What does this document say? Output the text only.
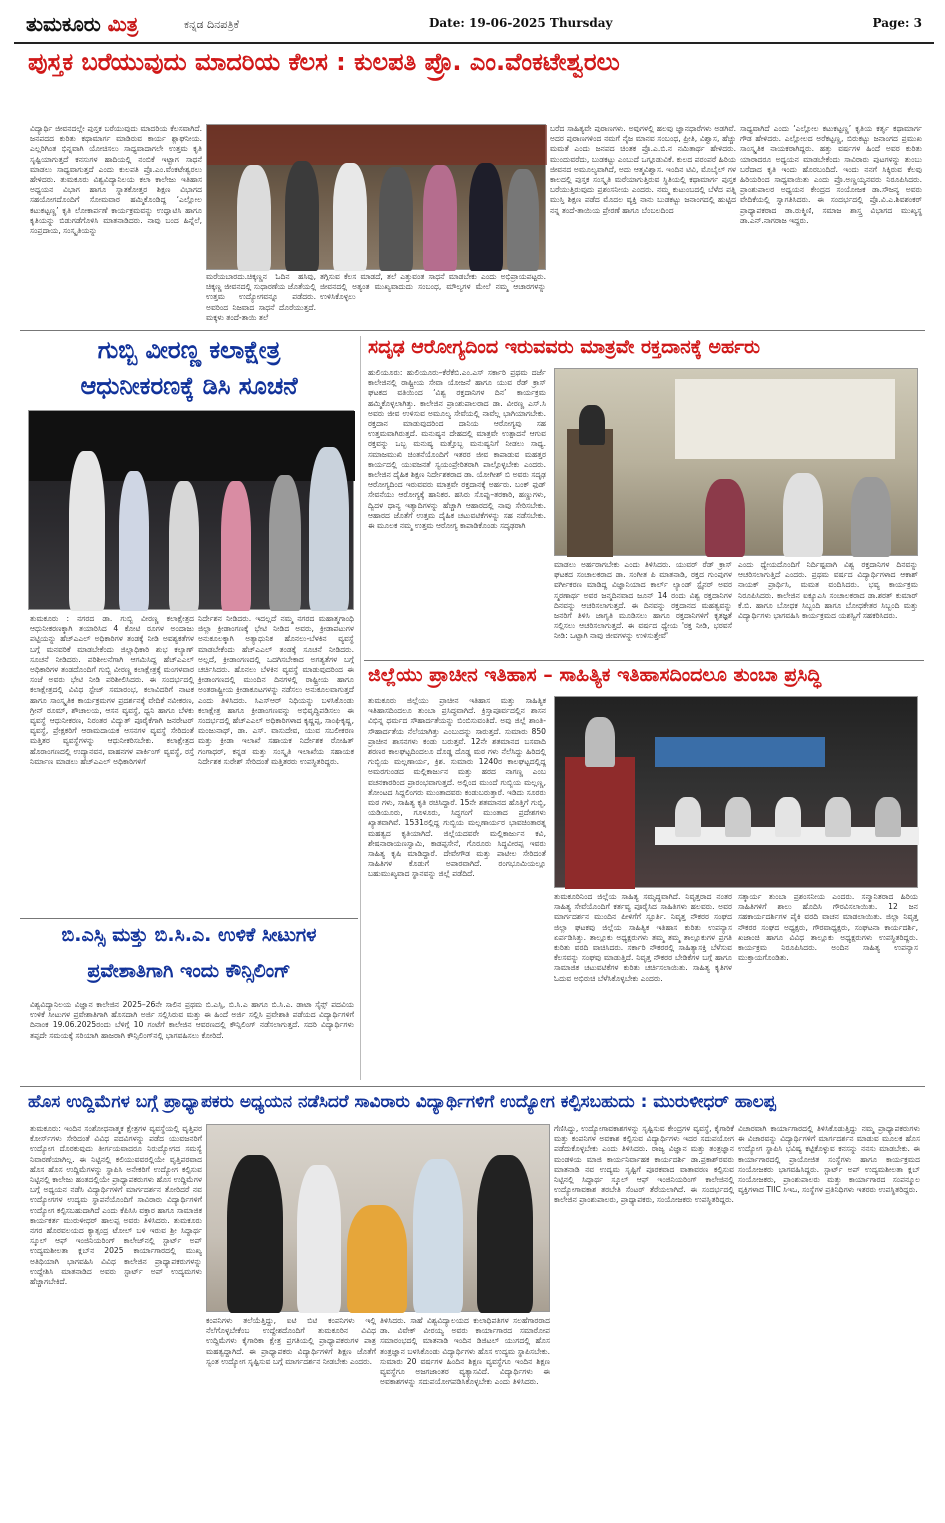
ತುಮಕೂರು ಮಿತ್ರ	ಕನ್ನಡ ದಿನಪತ್ರಿಕೆ	Date: 19-06-2025 Thursday	Page: 3
ಪುಸ್ತಕ ಬರೆಯುವುದು ಮಾದರಿಯ ಕೆಲಸ : ಕುಲಪತಿ ಪ್ರೊ. ಎಂ.ವೆಂಕಟೇಶ್ವರಲು
ವಿದ್ಯಾರ್ಥಿ ಜೀವನದಲ್ಲೇ ಪುಸ್ತಕ ಬರೆಯುವುದು ಮಾದರಿಯ ಕೆಲಸವಾಗಿದೆ. ಜನಪದದ ಕುರಿತು ಕಥಾಮಾರ್ಗ ಮಾಡಿರುವ ಕಾರ್ಯ ಶ್ಲಾಘನೀಯ. ಎಲ್ಲರಿಗಿಂತ ಭಿನ್ನವಾಗಿ ಯೋಚಿಸಲು ಸಾಧ್ಯವಾದಾಗಲೇ ಉತ್ತಮ ಕೃತಿ ಸೃಷ್ಟಿಯಾಗುತ್ತದೆ ಕನಸುಗಳ ಹಾದಿಯಲ್ಲಿ ನಂಬಿಕೆ ಇಟ್ಟಾಗ ಸಾಧನೆ ಮಾಡಲು ಸಾಧ್ಯವಾಗುತ್ತದೆ ಎಂದು ಕುಲಪತಿ ಪ್ರೊ.ಎಂ.ವೆಂಕಟೇಶ್ವರಲು ಹೇಳಿದರು. ತುಮಕೂರು ವಿಶ್ವವಿದ್ಯಾನಿಲಯ ಕಲಾ ಕಾಲೇಜು ಇತಿಹಾಸ ಅಧ್ಯಯನ ವಿಭಾಗ ಹಾಗೂ ಸ್ನಾತಕೋತ್ತರ ಶಿಕ್ಷಣ ವಿಭಾಗದ ಸಹಯೋಗದೊಂದಿಗೆ ಸೋಮವಾರ ಹಮ್ಮಿಕೊಂಡಿದ್ದ ‘ಎಲ್ಲೋಲ ಕಟುಕಟ್ಟಣ್ಣ’ ಕೃತಿ ಲೋಕಾರ್ಪಣೆ ಕಾರ್ಯಕ್ರಮವನ್ನು ಉದ್ಘಾಟಿಸಿ ಹಾಗೂ ಕೃತಿಯನ್ನು ಬಿಡುಗಡೆಗೊಳಿಸಿ ಮಾತನಾಡಿದರು. ನಾವು ಬಂದ ಹಿನ್ನೆಲೆ, ಸಂಪ್ರದಾಯ, ಸಂಸ್ಕೃತಿಯನ್ನು
ಮರೆಯಬಾರದು.ಚಿಕ್ಕಣ್ಣನ ಓದಿನ ಹಸಿವು, ಚಿಕ್ಕಣ್ಣ ಜೀವನದಲ್ಲಿ ಸುಧಾರಣೆಯ ಜೊತೆಯಲ್ಲಿ ಉತ್ತಮ ಉದ್ಯೋಗವನ್ನೂ ಪಡೆದರು. ಅವರಿಂದ ನಿಜವಾದ ಸಾಧನೆ ದೊರೆಯುತ್ತದೆ. ಮಕ್ಕಳು ತಂದೆ-ತಾಯಿ ತಲೆ
ತಗ್ಗಿಸುವ ಕೆಲಸ ಮಾಡದೆ, ತಲೆ ಎತ್ತುವಂತ ಸಾಧನೆ ಮಾಡಬೇಕು ಎಂದು ಅಭಿಪ್ರಾಯಪಟ್ಟರು. ಜೀವನದಲ್ಲಿ ಅತ್ಯಂತ ಮುಖ್ಯವಾದುದು ಸಂಬಂಧ, ಮೌಲ್ಯಗಳ ಮೇಲೆ ನಮ್ಮ ಆಚಾರಗಳನ್ನು ಉಳಿಸಿಕೊಳ್ಳಲು
ಬರೆದ ಸಾಹಿತ್ಯವೇ ಪುರಾಣಗಳು. ಅವುಗಳಲ್ಲಿ ಹಲವು ಜ್ಞಾನಧಾರೆಗಳು ಅಡಗಿವೆ. ಅದರ ಪುರಾಣಗಳಿಂದ ನಮಗೆ ನೈಜ ಮಾನವ ಸಂಬಂಧ, ಪ್ರೀತಿ, ವಿಶ್ವಾಸ, ಹೆಚ್ಚು ಮಮತೆ ಎಂದು ಜನಪದ ಚಿಂತಕ ಪ್ರೊ.ಎ.ಬಿ.ನ ನಮಿತಾರ್ಥ ಹೇಳಿದರು. ಮುಂದುವರೆದು, ಬುಡಕಟ್ಟು ಎಂಬುದೆ ಒಗ್ಗೂಡುವಿಕೆ. ಕುಲದ ಪರಂಪರೆ ಹಿರಿಯ ಜೀವನದ ಅಮೂಲ್ಯವಾಗಿದೆ, ಅದು ಆತ್ಮವಿಶ್ವಾಸ. ಇಂದಿನ ಟಿವಿ, ಮೊಬೈಲ್ ಗಳ ಕಾಲದಲ್ಲಿ ಪುಸ್ತಕ ಸಂಸ್ಕೃತಿ ಮರೆಯಾಗುತ್ತಿರುವ ಸ್ಥಿತಿಯಲ್ಲಿ ಕಥಾಮಾರ್ಗ ಪುಸ್ತಕ ಬರೆಯುತ್ತಿರುವುದು ಪ್ರಶಂಸನೀಯ ಎಂದರು. ನಮ್ಮ ಕುಟುಂಬದಲ್ಲಿ ಬೆಳೆದ ಪತ್ನಿ ಮುಸ್ತಿ ಶಿಕ್ಷಣ ಪಡೆದ ಮೊದಲ ವ್ಯಕ್ತಿ ನಾನು ಬುಡಕಟ್ಟು ಜನಾಂಗದಲ್ಲಿ ಹುಟ್ಟಿದ ನನ್ನ ತಂದೆ-ತಾಯಿಯ ಪ್ರೇರಣೆ ಹಾಗೂ ಬೆಂಬಲದಿಂದ
ಸಾಧ್ಯವಾಗಿದೆ ಎಂದು ‘ಎಲ್ಲೋಲ ಕಟುಕಟ್ಟಣ್ಣ’ ಕೃತಿಯ ಕರ್ತೃ ಕಥಾಮಾರ್ಗ ಗೌಡ ಹೇಳಿದರು. ಎಲ್ಲೋಲದ ಅರೆಕಟ್ಟಣ್ಣ, ಬಿರುಕಟ್ಟು ಜನಾಂಗದ ಪ್ರಮುಖ ಸಾಂಸ್ಕೃತಿಕ ನಾಯಕರಾಗಿದ್ದರು. ಹತ್ತು ವರ್ಷಗಳ ಹಿಂದೆ ಅವರ ಕುರಿತು ಯಾರಾದರೂ ಅಧ್ಯಯನ ಮಾಡಬೇಕೆಂದು ಸಾವಿರಾರು ಪುಟಗಳನ್ನು ತುಂಬು ಬರೆದಾದ ಕೃತಿ ಇಂದು ಹೊರಬಂದಿದೆ. ಇಂದು ನನಗೆ ಸಿಕ್ಕಿರುವ ಕೆಲವು ಹಿರಿಯರಿಂದ ಸಾಧ್ಯವಾಯಿತು ಎಂದು ಪ್ರೊ.ಅಣ್ಣಯ್ಯನವರು ನಿರೂಪಿಸಿದರು. ಪ್ರಾಂಶುಪಾಲರ ಅಧ್ಯಯನ ಕೇಂದ್ರದ ಸಂಯೋಜಕ ಡಾ.ಸೌಜನ್ಯ ಅವರು ವೇದಿಕೆಯಲ್ಲಿ ಸ್ವಾಗತಿಸಿದರು. ಈ ಸಂದರ್ಭದಲ್ಲಿ ಪ್ರೊ.ವಿ.ಎ.ಶಿವಶಂಕರ್ ಪ್ರಾಧ್ಯಾಪಕರಾದ ಡಾ.ರುಕ್ಮಿಣಿ, ಸಮಾಜ ಶಾಸ್ತ್ರ ವಿಭಾಗದ ಮುಖ್ಯಸ್ಥ ಡಾ.ಎನ್.ನಾಗರಾಜ ಇದ್ದರು.
ಗುಬ್ಬಿ ವೀರಣ್ಣ ಕಲಾಕ್ಷೇತ್ರ
ಆಧುನೀಕರಣಕ್ಕೆ ಡಿಸಿ ಸೂಚನೆ
ತುಮಕೂರು : ನಗರದ ಡಾ. ಗುಬ್ಬಿ ವೀರಣ್ಣ ಕಲಾಕ್ಷೇತ್ರದ ಆಧುನೀಕರಣಕ್ಕಾಗಿ ತಯಾರಿಸಿದ 4 ಕೋಟಿ ರೂಗಳ ಅಂದಾಜು ಪಟ್ಟಿಯನ್ನು ಹೆಚ್‌ಎಎಲ್ ಅಧಿಕಾರಿಗಳ ತಂಡಕ್ಕೆ ನೀಡಿ ಅವಶ್ಯಕತೆಗಳ ಬಗ್ಗೆ ಮನವರಿಕೆ ಮಾಡಬೇಕೆಂದು ಜಿಲ್ಲಾಧಿಕಾರಿ ಶುಭ ಕಲ್ಯಾಣ್ ಸೂಚನೆ ನೀಡಿದರು. ಪರಿಶೀಲನೆಗಾಗಿ ಆಗಮಿಸಿದ್ದ ಹೆಚ್‌ಎಎಲ್ ಅಧಿಕಾರಿಗಳ ತಂಡದೊಂದಿಗೆ ಗುಬ್ಬಿ ವೀರಣ್ಣ ಕಲಾಕ್ಷೇತ್ರಕ್ಕೆ ಮಂಗಳವಾರ ಸಂಜೆ ಅವರು ಭೇಟಿ ನೀಡಿ ಪರಿಶೀಲಿಸಿದರು. ಈ ಸಂದರ್ಭದಲ್ಲಿ ಕಲಾಕ್ಷೇತ್ರದಲ್ಲಿ ವಿವಿಧ ಸ್ಟೇಜ್ ಸಮಾರಂಭ, ಕಲಾವಿದರಿಗೆ ನಾಟಕ ಹಾಗೂ ಸಾಂಸ್ಕೃತಿಕ ಕಾರ್ಯಕ್ರಮಗಳ ಪ್ರದರ್ಶನಕ್ಕೆ ವೇದಿಕೆ ನವೀಕರಣ, ಗ್ರೀನ್ ರೂಮ್, ಶೌಚಾಲಯ, ಆಸನ ವ್ಯವಸ್ಥೆ, ಧ್ವನಿ ಹಾಗೂ ಬೆಳಕು ವ್ಯವಸ್ಥೆ ಆಧುನೀಕರಣ, ನಿರಂತರ ವಿದ್ಯುತ್ ಪೂರೈಕೆಗಾಗಿ ಜನರೇಟರ್ ವ್ಯವಸ್ಥೆ, ಪ್ರೇಕ್ಷಕರಿಗೆ ಆರಾಮದಾಯಕ ಆಸನಗಳ ವ್ಯವಸ್ಥೆ ಸೇರಿದಂತೆ ಮತ್ತಿತರ ವ್ಯವಸ್ಥೆಗಳನ್ನು ಆಧುನೀಕರಿಸಬೇಕು. ಕಲಾಕ್ಷೇತ್ರದ ಹೊರಾಂಗಣದಲ್ಲಿ ಉದ್ಯಾನವನ, ವಾಹನಗಳ ಪಾರ್ಕಿಂಗ್ ವ್ಯವಸ್ಥೆ, ರಸ್ತೆ ನಿರ್ಮಾಣ ಮಾಡಲು ಹೆಚ್‌ಎಎಲ್ ಅಧಿಕಾರಿಗಳಿಗೆ
ನಿರ್ದೇಶನ ನೀಡಿದರು. ಇದಲ್ಲದೆ ನಮ್ಮ ನಗರದ ಮಹಾತ್ಮಗಾಂಧಿ ಜಿಲ್ಲಾ ಕ್ರೀಡಾಂಗಣಕ್ಕೆ ಭೇಟಿ ನೀಡಿದ ಅವರು, ಕ್ರೀಡಾಪಟುಗಳ ಅನುಕೂಲಕ್ಕಾಗಿ ಅತ್ಯಾಧುನಿಕ ಹೊನಲು-ಬೆಳಕಿನ ವ್ಯವಸ್ಥೆ ಮಾಡಬೇಕೆಂದು ಹೆಚ್‌ಎಎಲ್ ತಂಡಕ್ಕೆ ಸೂಚನೆ ನೀಡಿದರು. ಅಲ್ಲದೆ, ಕ್ರೀಡಾಂಗಣದಲ್ಲಿ ಒದಗಿಸಬೇಕಾದ ಅಗತ್ಯತೆಗಳ ಬಗ್ಗೆ ಚರ್ಚಿಸಿದರು. ಹೊನಲು ಬೆಳಕಿನ ವ್ಯವಸ್ಥೆ ಮಾಡುವುದರಿಂದ ಈ ಕ್ರೀಡಾಂಗಣದಲ್ಲಿ ಮುಂದಿನ ದಿನಗಳಲ್ಲಿ ರಾಷ್ಟ್ರೀಯ ಹಾಗೂ ಅಂತರಾಷ್ಟ್ರೀಯ ಕ್ರೀಡಾಕೂಟಗಳನ್ನು ನಡೆಸಲು ಅನುಕೂಲವಾಗುತ್ತದೆ ಎಂದು ತಿಳಿಸಿದರು. ಸಿಎಸ್‌ಆರ್ ನಿಧಿಯನ್ನು ಬಳಸಿಕೊಂಡು ಕಲಾಕ್ಷೇತ್ರ ಹಾಗೂ ಕ್ರೀಡಾಂಗಣವನ್ನು ಅಭಿವೃದ್ಧಿಪಡಿಸಲು ಈ ಸಂದರ್ಭದಲ್ಲಿ ಹೆಚ್‌ಎಎಲ್ ಅಧಿಕಾರಿಗಳಾದ ಕೃಷ್ಣಪ್ಪ, ಸಾಂಘಿಕೃಷ್ಣ, ಮಂಜುನಾಥ್, ಡಾ. ಎಸ್. ವಾಸುದೇವ, ಯುವ ಸಬಲೀಕರಣ ಮತ್ತು ಕ್ರೀಡಾ ಇಲಾಖೆ ಸಹಾಯಕ ನಿರ್ದೇಶಕ ರೋಹಿತ್ ಗಂಗಾಧರ್, ಕನ್ನಡ ಮತ್ತು ಸಂಸ್ಕೃತಿ ಇಲಾಖೆಯ ಸಹಾಯಕ ನಿರ್ದೇಶಕ ಸುರೇಶ್ ಸೇರಿದಂತೆ ಮತ್ತಿತರರು ಉಪಸ್ಥಿತರಿದ್ದರು.
ಸದೃಢ ಆರೋಗ್ಯದಿಂದ ಇರುವವರು ಮಾತ್ರವೇ ರಕ್ತದಾನಕ್ಕೆ ಅರ್ಹರು
ಹುಲಿಯೂರು: ಹುಲಿಯೂರು–ಕೆರೆಕೆಬಿ.ಎಂ.ಎಸ್ ಸರ್ಕಾರಿ ಪ್ರಥಮ ದರ್ಜೆ ಕಾಲೇಜಿನಲ್ಲಿ ರಾಷ್ಟ್ರೀಯ ಸೇವಾ ಯೋಜನೆ ಹಾಗೂ ಯುವ ರೆಡ್ ಕ್ರಾಸ್ ಘಟಕದ ವತಿಯಿಂದ ‘ವಿಶ್ವ ರಕ್ತದಾನಿಗಳ ದಿನ’ ಕಾರ್ಯಕ್ರಮ ಹಮ್ಮಿಕೊಳ್ಳಲಾಗಿತ್ತು. ಕಾಲೇಜಿನ ಪ್ರಾಂಶುಪಾಲರಾದ ಡಾ. ವೀರಣ್ಣ ಎಸ್.ಸಿ ಅವರು ಜೀವ ಉಳಿಸುವ ಅಮೂಲ್ಯ ಸೇವೆಯಲ್ಲಿ ನಾವೆಲ್ಲ ಭಾಗಿಯಾಗಬೇಕು. ರಕ್ತದಾನ ಮಾಡುವುದರಿಂದ ದಾನಿಯ ಆರೋಗ್ಯವು ಸಹ ಉತ್ತಮವಾಗಿರುತ್ತದೆ. ಮನುಷ್ಯನ ದೇಹದಲ್ಲಿ ಮಾತ್ರವೇ ಉತ್ಪಾದನೆ ಆಗುವ ರಕ್ತವನ್ನು ಒಬ್ಬ ಮನುಷ್ಯ ಮತ್ತೊಬ್ಬ ಮನುಷ್ಯನಿಗೆ ನೀಡಲು ಸಾಧ್ಯ. ಸಮಾಜಮುಖಿ ಚಿಂತನೆಯೊಂದಿಗೆ ಇತರರ ಜೀವ ಕಾಪಾಡುವ ಮಹತ್ತರ ಕಾರ್ಯದಲ್ಲಿ ಯುವಜನತೆ ಸ್ವಯಂಪ್ರೇರಿತರಾಗಿ ಪಾಲ್ಗೊಳ್ಳಬೇಕು ಎಂದರು. ಕಾಲೇಜಿನ ದೈಹಿಕ ಶಿಕ್ಷಣ ನಿರ್ದೇಶಕರಾದ ಡಾ. ಯೋಗೀಶ್ ಬಿ ಅವರು ಸದೃಢ ಆರೋಗ್ಯದಿಂದ ಇರುವವರು ಮಾತ್ರವೇ ರಕ್ತದಾನಕ್ಕೆ ಅರ್ಹರು. ಬಂಕ್ ಫುಡ್ ಸೇವನೆಯು ಆರೋಗ್ಯಕ್ಕೆ ಹಾನಿಕರ. ಹಸಿರು ಸೊಪ್ಪು–ತರಕಾರಿ, ಹಣ್ಣುಗಳು, ದ್ವಿದಳ ಧಾನ್ಯ ಇತ್ಯಾದಿಗಳನ್ನು ಹೆಚ್ಚಾಗಿ ಆಹಾರದಲ್ಲಿ ನಾವು ಸೇರಿಸಬೇಕು. ಆಹಾರದ ಜೊತೆಗೆ ಉತ್ತಮ ದೈಹಿಕ ಚಟುವಟಿಕೆಗಳನ್ನು ಸಹ ನಡೆಸಬೇಕು. ಈ ಮೂಲಕ ನಮ್ಮ ಉತ್ತಮ ಆರೋಗ್ಯ ಕಾಪಾಡಿಕೊಂಡು ಸದೃಢರಾಗಿ
ಮಾಡಲು ಅರ್ಹರಾಗಬೇಕು ಎಂದು ತಿಳಿಸಿದರು. ಯುವರ್ ರೆಡ್ ಕ್ರಾಸ್ ಘಟಕದ ಸಂಚಾಲಕರಾದ ಡಾ. ಸಂಗೀತ ಪಿ ಮಾತನಾಡಿ, ರಕ್ತದ ಗುಂಪುಗಳ ವರ್ಗೀಕರಣ ಮಾಡಿದ್ದ ವಿಜ್ಞಾನಿಯಾದ ಕಾರ್ಲ್ ಲ್ಯಾಂಡ್ ಸ್ಟೈನರ್ ಅವರ ಸ್ಮರಣಾರ್ಥ ಅವರ ಜನ್ಮದಿನವಾದ ಜೂನ್ 14 ರಂದು ವಿಶ್ವ ರಕ್ತದಾನಿಗಳ ದಿನವನ್ನು ಆಚರಿಸಲಾಗುತ್ತದೆ. ಈ ದಿನವನ್ನು ರಕ್ತದಾನದ ಮಹತ್ವವನ್ನು ಜನರಿಗೆ ತಿಳಿಸಿ ಜಾಗೃತಿ ಮೂಡಿಸಲು ಹಾಗೂ ರಕ್ತದಾನಿಗಳಿಗೆ ಕೃತಜ್ಞತೆ ಸಲ್ಲಿಸಲು ಆಚರಿಸಲಾಗುತ್ತದೆ. ಈ ವರ್ಷದ ಧ್ಯೇಯ 'ರಕ್ತ ನೀಡಿ, ಭರವಸೆ ನೀಡಿ: ಒಟ್ಟಾಗಿ ನಾವು ಜೀವಗಳನ್ನು ಉಳಿಸುತ್ತೇವೆ'
ಎಂದು ಧ್ಯೇಯದೊಂದಿಗೆ ನಿರ್ದಿಷ್ಟವಾಗಿ ವಿಶ್ವ ರಕ್ತದಾನಿಗಳ ದಿನವನ್ನು ಆಚರಿಸಲಾಗುತ್ತಿದೆ ಎಂದರು. ಪ್ರಥಮ ವರ್ಷದ ವಿದ್ಯಾರ್ಥಿಗಳಾದ ಆಕಾಶ್ ನಾಯಕ್ ಪ್ರಾರ್ಥಿಸಿ, ಮಮತ ವಂದಿಸಿದರು. ಭವ್ಯ ಕಾರ್ಯಕ್ರಮ ನಿರೂಪಿಸಿದರು. ಕಾಲೇಜಿನ ಐಕ್ಯೂಎಸಿ ಸಂಚಾಲಕರಾದ ಡಾ.ಶರತ್ ಕುಮಾರ್ ಕೆ.ಬಿ. ಹಾಗೂ ಬೋಧಕ ಸಿಬ್ಬಂದಿ ಹಾಗೂ ಬೋಧಕೇತರ ಸಿಬ್ಬಂದಿ ಮತ್ತು ವಿದ್ಯಾರ್ಥಿಗಳು ಭಾಗವಹಿಸಿ ಕಾರ್ಯಕ್ರಮದ ಯಶಸ್ವಿಗೆ ಸಹಕರಿಸಿದರು.
ಜಿಲ್ಲೆಯು ಪ್ರಾಚೀನ ಇತಿಹಾಸ – ಸಾಹಿತ್ಯಿಕ ಇತಿಹಾಸದಿಂದಲೂ ತುಂಬಾ ಪ್ರಸಿದ್ಧಿ
ತುಮಕೂರು ಜಿಲ್ಲೆಯು ಪ್ರಾಚೀನ ಇತಿಹಾಸ ಮತ್ತು ಸಾಹಿತ್ಯಿಕ ಇತಿಹಾಸದಿಂದಲೂ ತುಂಬಾ ಪ್ರಸಿದ್ಧವಾಗಿದೆ. ಕ್ರಿಸ್ತಾಪೂರ್ವದಲ್ಲಿನ ಶಾಸನ ವಿಭಿನ್ನ ಧರ್ಮದ ಸೌಹಾರ್ದತೆಯನ್ನು ಬಿಂಬಿಸುವಂತಿದೆ. ಅವು ಜಿಲ್ಲೆ ಶಾಂತಿ-ಸೌಹಾರ್ದತೆಯ ನೆಲೆಯಾಗಿತ್ತು ಎಂಬುದನ್ನು ಸಾರುತ್ತದೆ. ಸುಮಾರು 850 ಪ್ರಾಚೀನ ಶಾಸನಗಳು ಕಂಡು ಬರುತ್ತವೆ. 12ನೇ ಶತಮಾನದ ಬಸವಾದಿ ಶರಣರ ಕಾಲಘಟ್ಟದಿಂದಲೂ ದೊಡ್ಡ ದೊಡ್ಡ ಮಠ ಗಳು ನೆಲೆಸಿದ್ದು ಹಿರಿದಲ್ಲಿ ಗುಬ್ಬಿಯ ಮಲ್ಲಣಾರ್ಯ, ಕ್ರಿಶ. ಸುಮಾರು 1240ರ ಕಾಲಘಟ್ಟದಲ್ಲಿದ್ದ ಅಮರಗುಂಡದ ಮಲ್ಲಿಕಾರ್ಜುನ ಮತ್ತು ಹರದ ನಾಗಣ್ಣ ಎಂಬ ವಚನಕಾರರಿಂದ ಪ್ರಾರಂಭವಾಗುತ್ತದೆ. ಅಲ್ಲಿಂದ ಮುಂದೆ ಗುಬ್ಬಿಯ ಮಲ್ಲಣ್ಣ, ತೋಂಟದ ಸಿದ್ದಲಿಂಗರು ಮುಂತಾದವರು ಕಂಡುಬರುತ್ತಾರೆ. ಇಡಿದು ಸೂರರು ಮಠ ಗಳು, ಸಾಹಿತ್ಯ ಕೃತಿ ರಚಿಸಿದ್ದಾರೆ. 15ನೇ ಶತಮಾನದ ಹೊತ್ತಿಗೆ ಗುಬ್ಬಿ, ಯಡಿಯೂರು, ಗೂಳೂರು, ಸಿದ್ಧಗಂಗೆ ಮುಂತಾದ ಪ್ರದೇಶಗಳು ಖ್ಯಾತವಾಗಿವೆ. 1531ರಲ್ಲಿದ್ದ ಗುಬ್ಬಿಯ ಮಲ್ಲಣಾರ್ಯರ ಭಾವಚಿಂತಾರತ್ನ ಮಹತ್ವದ ಕೃತಿಯಾಗಿದೆ. ಜಿಲ್ಲೆಯದವರೇ ಮಲ್ಲಿಕಾರ್ಜುನ ಕವಿ, ಶೇಷನಾರಾಯಣಸ್ವಾಮಿ, ಕಾಡಪ್ಪಸೇನೆ, ಗೊರೂರು ಸಿದ್ಧವೀರಪ್ಪ ಇವರು ಸಾಹಿತ್ಯ ಕೃಷಿ ಮಾಡಿದ್ದಾರೆ. ದೇವೇಗೌಡ ಮತ್ತು ಪಾಟೀಲ ಸೇರಿದಂತೆ ಸಾಹಿತಿಗಳ ಕೊಡುಗೆ ಅಪಾರವಾಗಿದೆ. ರಂಗಭೂಮಿಯಲ್ಲೂ ಬಹುಮುಖ್ಯವಾದ ಸ್ಥಾನವನ್ನು ಜಿಲ್ಲೆ ಪಡೆದಿದೆ.
ತುಮಕೂರಿನಿಂದ ಜಿಲ್ಲೆಯ ಸಾಹಿತ್ಯ ಸಮೃದ್ಧವಾಗಿದೆ. ನಿವೃತ್ತರಾದ ನಂತರ ಸಾಹಿತ್ಯ ಸೇವೆಯೊಂದಿಗೆ ಕರ್ತವ್ಯ ಪೂರೈಸಿದ ಸಾಹಿತಿಗಳು ಹಲವರು. ಅವರ ಮಾರ್ಗದರ್ಶನ ಮುಂದಿನ ಪೀಳಿಗೆಗೆ ಸ್ಫೂರ್ತಿ. ನಿವೃತ್ತ ನೌಕರರ ಸಂಘದ ಜಿಲ್ಲಾ ಘಟಕವು ಜಿಲ್ಲೆಯ ಸಾಹಿತ್ಯಿಕ ಇತಿಹಾಸ ಕುರಿತು ಉಪನ್ಯಾಸ ಏರ್ಪಡಿಸಿತ್ತು. ತಾಲ್ಲೂಕು ಅಧ್ಯಕ್ಷರುಗಳು ತಮ್ಮ ತಮ್ಮ ತಾಲ್ಲೂಕುಗಳ ಪ್ರಗತಿ ಕುರಿತು ವರದಿ ವಾಚಿಸಿದರು. ಸರ್ಕಾರಿ ನೌಕರರಲ್ಲಿ ಸಾಹಿತ್ಯಾಸಕ್ತಿ ಬೆಳೆಸುವ ಕೆಲಸವನ್ನು ಸಂಘವು ಮಾಡುತ್ತಿದೆ. ನಿವೃತ್ತ ನೌಕರರ ಬೇಡಿಕೆಗಳ ಬಗ್ಗೆ ಹಾಗೂ ಸಾಮಾಜಿಕ ಚಟುವಟಿಕೆಗಳ ಕುರಿತು ಚರ್ಚಿಸಲಾಯಿತು. ಸಾಹಿತ್ಯ ಕೃತಿಗಳ ಓದುವ ಅಭಿರುಚಿ ಬೆಳೆಸಿಕೊಳ್ಳಬೇಕು ಎಂದರು.
ಸತ್ಕಾರ್ಯ ತುಂಬಾ ಪ್ರಶಂಸನೀಯ ಎಂದರು. ಸನ್ಮಾನಿತರಾದ ಹಿರಿಯ ಸಾಹಿತಿಗಳಿಗೆ ಶಾಲು ಹೊದಿಸಿ ಗೌರವಿಸಲಾಯಿತು. 12 ಜನ ಸಹಕಾರ್ಯದರ್ಶಿಗಳ ಪೈಕಿ ವರದಿ ವಾಚನ ಮಾಡಲಾಯಿತು. ಜಿಲ್ಲಾ ನಿವೃತ್ತ ನೌಕರರ ಸಂಘದ ಅಧ್ಯಕ್ಷರು, ಗೌರವಾಧ್ಯಕ್ಷರು, ಸಂಘಟನಾ ಕಾರ್ಯದರ್ಶಿ, ಖಜಾಂಚಿ ಹಾಗೂ ವಿವಿಧ ತಾಲ್ಲೂಕು ಅಧ್ಯಕ್ಷರುಗಳು ಉಪಸ್ಥಿತರಿದ್ದರು. ಕಾರ್ಯಕ್ರಮ ನಿರೂಪಿಸಿದರು. ಅಂದಿನ ಸಾಹಿತ್ಯ ಉಪನ್ಯಾಸ ಮುಕ್ತಾಯಗೊಂಡಿತು.
ಬಿ.ಎಸ್ಸಿ ಮತ್ತು ಬಿ.ಸಿ.ಎ. ಉಳಿಕೆ ಸೀಟುಗಳ
ಪ್ರವೇಶಾತಿಗಾಗಿ ಇಂದು ಕೌನ್ಸಿಲಿಂಗ್
ವಿಶ್ವವಿದ್ಯಾನಿಲಯ ವಿಜ್ಞಾನ ಕಾಲೇಜಿನ 2025–26ನೇ ಸಾಲಿನ ಪ್ರಥಮ ಬಿ.ಎಸ್ಸಿ, ಬಿ.ಸಿ.ಎ ಹಾಗೂ ಬಿ.ಸಿ.ಎ. ಡಾಟಾ ಸೈನ್ಸ್ ಪದವಿಯ ಉಳಿಕೆ ಸೀಟುಗಳ ಪ್ರವೇಶಾತಿಗಾಗಿ ಹೊಸದಾಗಿ ಅರ್ಜಿ ಸಲ್ಲಿಸಿರುವ ಮತ್ತು ಈ ಹಿಂದೆ ಅರ್ಜಿ ಸಲ್ಲಿಸಿ ಪ್ರವೇಶಾತಿ ಪಡೆಯದ ವಿದ್ಯಾರ್ಥಿಗಳಿಗೆ ದಿನಾಂಕ 19.06.2025ರಂದು ಬೆಳಿಗ್ಗೆ 10 ಗಂಟೆಗೆ ಕಾಲೇಜಿನ ಆವರಣದಲ್ಲಿ ಕೌನ್ಸಿಲಿಂಗ್ ನಡೆಸಲಾಗುತ್ತದೆ. ಸದರಿ ವಿದ್ಯಾರ್ಥಿಗಳು ತಪ್ಪದೇ ಸಮಯಕ್ಕೆ ಸರಿಯಾಗಿ ಹಾಜರಾಗಿ ಕೌನ್ಸಿಲಿಂಗ್‌ನಲ್ಲಿ ಭಾಗವಹಿಸಲು ಕೋರಿದೆ.
ಹೊಸ ಉದ್ದಿಮೆಗಳ ಬಗ್ಗೆ ಪ್ರಾಧ್ಯಾಪಕರು ಅಧ್ಯಯನ ನಡೆಸಿದರೆ ಸಾವಿರಾರು ವಿದ್ಯಾರ್ಥಿಗಳಿಗೆ ಉದ್ಯೋಗ ಕಲ್ಪಿಸಬಹುದು : ಮುರುಳೀಧರ್ ಹಾಲಪ್ಪ
ತುಮಕೂರು: ಇಂದಿನ ಸಂಶೋಧನಾತ್ಮಕ ಕ್ಷೇತ್ರಗಳ ವ್ಯವಸ್ಥೆಯಲ್ಲಿ ವೃತ್ತಿಪರ ಕೋರ್ಸ್‌ಗಳು ಸೇರಿದಂತೆ ವಿವಿಧ ಪದವಿಗಳನ್ನು ಪಡೆದ ಯುವಜನರಿಗೆ ಉದ್ಯೋಗ ದೊರಕುವುದು ತೀರ್ಗಯವಾದರೂ ನಿರುದ್ಯೋಗದ ಸಮಸ್ಯೆ ನಿವಾರಣೆಯಾಗಿಲ್ಲ. ಈ ನಿಟ್ಟಿನಲ್ಲಿ ಕಲಿಯುವವರಲ್ಲಿಯೇ ವೃತ್ತಿಪರವಾದ ಹೊಸ ಹೊಸ ಉದ್ದಿಮೆಗಳನ್ನು ಸ್ಥಾಪಿಸಿ ಅನೇಕರಿಗೆ ಉದ್ಯೋಗ ಕಲ್ಪಿಸುವ ನಿಟ್ಟಿನಲ್ಲಿ ಕಾಲೇಜು ಹಂತದಲ್ಲಿಯೇ ಪ್ರಾಧ್ಯಾಪಕರುಗಳು ಹೊಸ ಉದ್ದಿಮೆಗಳ ಬಗ್ಗೆ ಅಧ್ಯಯನ ನಡೆಸಿ ವಿದ್ಯಾರ್ಥಿಗಳಿಗೆ ಮಾರ್ಗದರ್ಶನ ತೋರಿದರೆ ನವ ಉದ್ಯೋಗಗಳ ಉದ್ಯಮ ಸ್ಥಾಪನೆಯೊಂದಿಗೆ ಸಾವಿರಾರು ವಿದ್ಯಾರ್ಥಿಗಳಿಗೆ ಉದ್ಯೋಗ ಕಲ್ಪಿಸಬಹುದಾಗಿದೆ ಎಂದು ಕೆಪಿಸಿಸಿ ವಕ್ತಾರ ಹಾಗೂ ಸಾಮಾಜಿಕ ಕಾರ್ಯಕರ್ತ ಮುರುಳೀಧರ್ ಹಾಲಪ್ಪ ಅವರು ತಿಳಿಸಿದರು. ತುಮಕೂರು ನಗರ ಹೊರವಲಯದ ಕ್ಯಾತ್ಸಂದ್ರ ಟೋಲ್ ಬಳಿ ಇರುವ ಶ್ರೀ ಸಿದ್ಧಾರ್ಥ ಸ್ಕೂಲ್ ಆಫ್ ಇಂಜಿನಿಯರಿಂಗ್ ಕಾಲೇಜ್‌ನಲ್ಲಿ ಸ್ಟಾರ್ಟ್ ಅಪ್ ಉದ್ಯಮಶೀಲತಾ ಕ್ಲಬ್‌ನ 2025 ಕಾರ್ಯಾಗಾರದಲ್ಲಿ ಮುಖ್ಯ ಅತಿಥಿಯಾಗಿ ಭಾಗವಹಿಸಿ ವಿವಿಧ ಕಾಲೇಜಿನ ಪ್ರಾಧ್ಯಾಪಕರುಗಳನ್ನು ಉದ್ದೇಶಿಸಿ ಮಾತನಾಡಿದ ಅವರು ಸ್ಟಾರ್ಟ್ ಅಪ್ ಉದ್ಯಮಗಳು ಹೆಚ್ಚಾಗಬೇಕಿದೆ.
ಕಂಪನಿಗಳು ತಲೆಯೆತ್ತಿದ್ದು, ಐಟಿ ಬಿಟಿ ಕಂಪನಿಗಳು ಇಲ್ಲಿ ನೆಲೆಗೊಳ್ಳಬೇಕೆಂಬ ಉದ್ದೇಶದೊಂದಿಗೆ ತುಮಕೂರಿನ ವಿವಿಧ ಉದ್ದಿಮೆಗಳು ಕೈಗಾರಿಕಾ ಕ್ಷೇತ್ರ ಪ್ರಗತಿಯಲ್ಲಿ ಪ್ರಾಧ್ಯಾಪಕರುಗಳ ಪಾತ್ರ ಮಹತ್ವದ್ದಾಗಿದೆ. ಈ ಪ್ರಾಧ್ಯಾಪಕರು ವಿದ್ಯಾರ್ಥಿಗಳಿಗೆ ಶಿಕ್ಷಣ ಜೊತೆಗೆ ಸ್ವಂತ ಉದ್ಯೋಗ ಸೃಷ್ಟಿಸುವ ಬಗ್ಗೆ ಮಾರ್ಗದರ್ಶನ ನೀಡಬೇಕು ಎಂದರು.
ತಿಳಿಸಿದರು. ಸಾಹೆ ವಿಶ್ವವಿದ್ಯಾಲಯದ ಕುಲಾಧಿಪತಿಗಳ ಸಲಹೆಗಾರರಾದ ಡಾ. ವಿವೇಕ್ ವೀರಯ್ಯ ಅವರು ಕಾರ್ಯಾಗಾರದ ಸಮಾರೋಪ ಸಮಾರಂಭದಲ್ಲಿ ಮಾತನಾಡಿ ಇಂದಿನ ಡಿಜಿಟಲ್ ಯುಗದಲ್ಲಿ ಹೊಸ ತಂತ್ರಜ್ಞಾನ ಬಳಸಿಕೊಂಡು ವಿದ್ಯಾರ್ಥಿಗಳು ಹೊಸ ಉದ್ಯಮ ಸ್ಥಾಪಿಸಬೇಕು. ಸುಮಾರು 20 ವರ್ಷಗಳ ಹಿಂದಿನ ಶಿಕ್ಷಣ ವ್ಯವಸ್ಥೆಗೂ ಇಂದಿನ ಶಿಕ್ಷಣ ವ್ಯವಸ್ಥೆಗೂ ಅಜಗಜಾಂತರ ವ್ಯತ್ಯಾಸವಿದೆ. ವಿದ್ಯಾರ್ಥಿಗಳು ಈ ಅವಕಾಶಗಳನ್ನು ಸದುಪಯೋಗಪಡಿಸಿಕೊಳ್ಳಬೇಕು ಎಂದು ತಿಳಿಸಿದರು.
ಗೆಣಿಸಿದ್ದು, ಉದ್ಯೋಗಾವಕಾಶಗಳನ್ನು ಸೃಷ್ಟಿಸುವ ಕೇಂದ್ರಗಳ ವ್ಯವಸ್ಥೆ, ಕೈಗಾರಿಕೆ ಮತ್ತು ಕಂಪನಿಗಳ ಅವಕಾಶ ಕಲ್ಪಿಸುವ ವಿದ್ಯಾರ್ಥಿಗಳು ಇದರ ಸದುಪಯೋಗ ಪಡೆದುಕೊಳ್ಳಬೇಕು ಎಂದು ತಿಳಿಸಿದರು. ರಾಜ್ಯ ವಿಜ್ಞಾನ ಮತ್ತು ತಂತ್ರಜ್ಞಾನ ಮಂಡಳಿಯ ಮಾಜಿ ಕಾರ್ಯನಿರ್ವಾಹಕ ಕಾರ್ಯದರ್ಶಿ ಡಾ.ಪ್ರಕಾಶ್‌ರವರು ಮಾತನಾಡಿ ನವ ಉದ್ಯಮ ಸೃಷ್ಟಿಗೆ ಪೂರಕವಾದ ವಾತಾವರಣ ಕಲ್ಪಿಸುವ ನಿಟ್ಟಿನಲ್ಲಿ ಸಿದ್ಧಾರ್ಥ ಸ್ಕೂಲ್ ಆಫ್ ಇಂಜಿನಿಯರಿಂಗ್ ಕಾಲೇಜಿನಲ್ಲಿ ಉದ್ಯೋಗಾವಕಾಶ ತರಬೇತಿ ಸೆಂಟರ್ ತೆರೆಯಲಾಗಿದೆ. ಈ ಸಂದರ್ಭದಲ್ಲಿ ಕಾಲೇಜಿನ ಪ್ರಾಂಶುಪಾಲರು, ಪ್ರಾಧ್ಯಾಪಕರು, ಸಂಯೋಜಕರು ಉಪಸ್ಥಿತರಿದ್ದರು.
ವಿಚಾರವಾಗಿ ಕಾರ್ಯಾಗಾರದಲ್ಲಿ ತಿಳಿಸಿಕೊಡುತ್ತಿದ್ದು ನಮ್ಮ ಪ್ರಾಧ್ಯಾಪಕರುಗಳು ಈ ವಿಚಾರವನ್ನು ವಿದ್ಯಾರ್ಥಿಗಳಿಗೆ ಮಾರ್ಗದರ್ಶನ ಮಾಡುವ ಮೂಲಕ ಹೊಸ ಉದ್ಯೋಗ ಸ್ಥಾಪಿಸಿ ಭವಿಷ್ಯ ಕಟ್ಟಿಕೊಳ್ಳುವ ಕನಸನ್ನು ನನಸು ಮಾಡಬೇಕು. ಈ ಕಾರ್ಯಾಗಾರದಲ್ಲಿ ಪ್ರಾಯೋಜಿತ ಸಂಸ್ಥೆಗಳು ಹಾಗೂ ಕಾರ್ಯಕ್ರಮದ ಸಂಯೋಜಕರು ಭಾಗವಹಿಸಿದ್ದರು. ಸ್ಟಾರ್ಟ್ ಅಪ್ ಉದ್ಯಮಶೀಲತಾ ಕ್ಲಬ್ ಸಂಯೋಜಕರು, ಪ್ರಾಂಶುಪಾಲರು ಮತ್ತು ಕಾರ್ಯಾಗಾರದ ಸಂಪನ್ಮೂಲ ವ್ಯಕ್ತಿಗಳಾದ TIIC ಸಿಇಒ, ಸಂಸ್ಥೆಗಳ ಪ್ರತಿನಿಧಿಗಳು ಇತರರು ಉಪಸ್ಥಿತರಿದ್ದರು.
